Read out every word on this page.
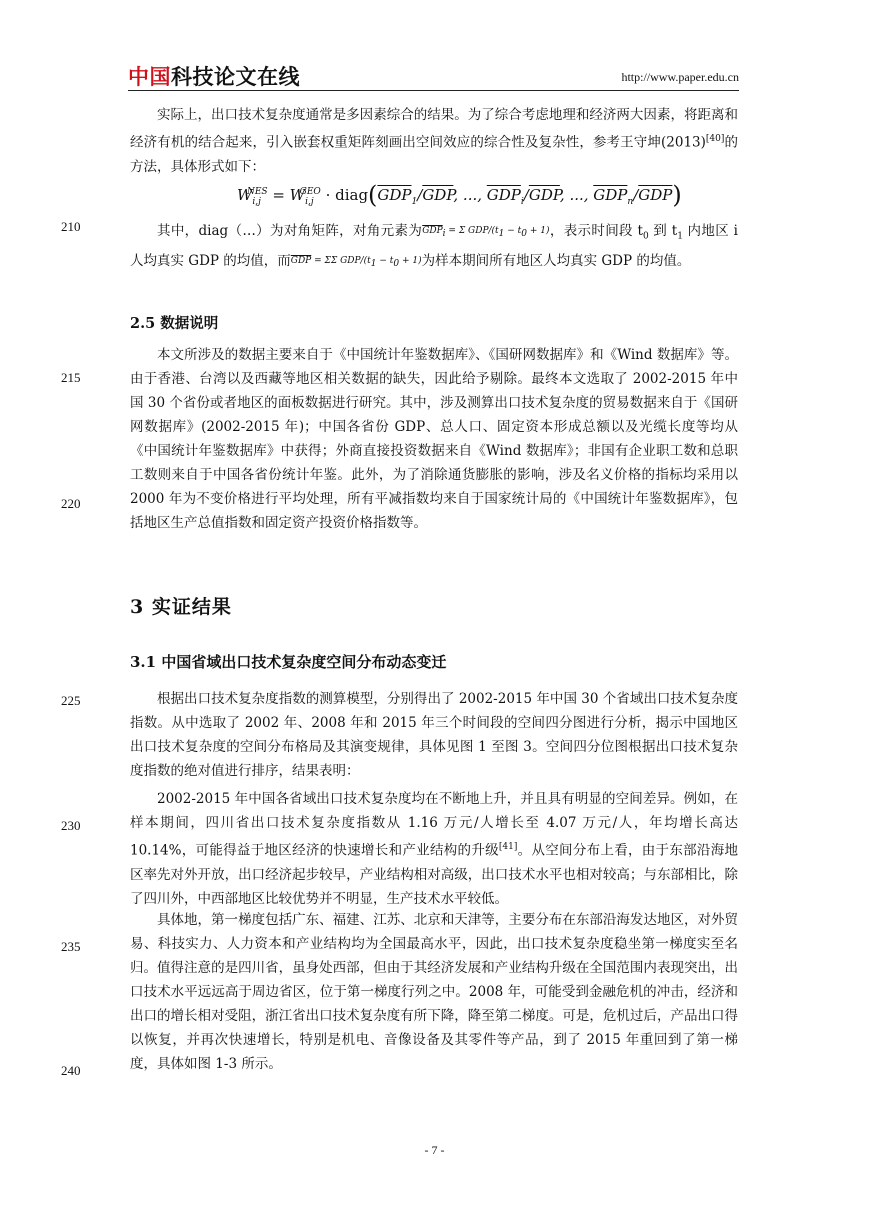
中国科技论文在线	http://www.paper.edu.cn
210
215
220
225
230
235
240

实际上，出口技术复杂度通常是多因素综合的结果。为了综合考虑地理和经济两大因素，将距离和经济有机的结合起来，引入嵌套权重矩阵刻画出空间效应的综合性及复杂性，参考王守坤(2013)[40]的方法，具体形式如下：

$W_{i,j}^{NES} = W_{i,j}^{GEO}$ · $diag(\overline{GDP}_1/\overline{GDP}$, ..., $\overline{GDP}_i/\overline{GDP}$, ..., $\overline{GDP}_n/\overline{GDP}$)

其中，diag（…）为对角矩阵，对角元素为$\overline{GDP}_i = \Sigma$ GDP/$(t_1 - t_0 + 1)$，表示时间段 $t_0$ 到 $t_1$ 内地区 i 人均真实 GDP 的均值，而$\overline{GDP} = \Sigma\Sigma$ GDP/$(t_1 - t_0 + 1)$为样本期间所有地区人均真实 GDP 的均值。

2.5 数据说明

本文所涉及的数据主要来自于《中国统计年鉴数据库》、《国研网数据库》和《Wind 数据库》等。由于香港、台湾以及西藏等地区相关数据的缺失，因此给予剔除。最终本文选取了 2002-2015 年中国 30 个省份或者地区的面板数据进行研究。其中，涉及测算出口技术复杂度的贸易数据来自于《国研网数据库》(2002-2015 年)；中国各省份 GDP、总人口、固定资本形成总额以及光缆长度等均从《中国统计年鉴数据库》中获得；外商直接投资数据来自《Wind 数据库》；非国有企业职工数和总职工数则来自于中国各省份统计年鉴。此外，为了消除通货膨胀的影响，涉及名义价格的指标均采用以 2000 年为不变价格进行平均处理，所有平减指数均来自于国家统计局的《中国统计年鉴数据库》，包括地区生产总值指数和固定资产投资价格指数等。

3 实证结果
3.1 中国省域出口技术复杂度空间分布动态变迁

根据出口技术复杂度指数的测算模型，分别得出了 2002-2015 年中国 30 个省域出口技术复杂度指数。从中选取了 2002 年、2008 年和 2015 年三个时间段的空间四分图进行分析，揭示中国地区出口技术复杂度的空间分布格局及其演变规律，具体见图 1 至图 3。空间四分位图根据出口技术复杂度指数的绝对值进行排序，结果表明：

2002-2015 年中国各省域出口技术复杂度均在不断地上升，并且具有明显的空间差异。例如，在样本期间，四川省出口技术复杂度指数从 1.16 万元/人增长至 4.07 万元/人，年均增长高达 10.14%，可能得益于地区经济的快速增长和产业结构的升级[41]。从空间分布上看，由于东部沿海地区率先对外开放，出口经济起步较早，产业结构相对高级，出口技术水平也相对较高；与东部相比，除了四川外，中西部地区比较优势并不明显，生产技术水平较低。

具体地，第一梯度包括广东、福建、江苏、北京和天津等，主要分布在东部沿海发达地区，对外贸易、科技实力、人力资本和产业结构均为全国最高水平，因此，出口技术复杂度稳坐第一梯度实至名归。值得注意的是四川省，虽身处西部，但由于其经济发展和产业结构升级在全国范围内表现突出，出口技术水平远远高于周边省区，位于第一梯度行列之中。2008 年，可能受到金融危机的冲击，经济和出口的增长相对受阻，浙江省出口技术复杂度有所下降，降至第二梯度。可是，危机过后，产品出口得以恢复，并再次快速增长，特别是机电、音像设备及其零件等产品，到了 2015 年重回到了第一梯度，具体如图 1-3 所示。

- 7 -
